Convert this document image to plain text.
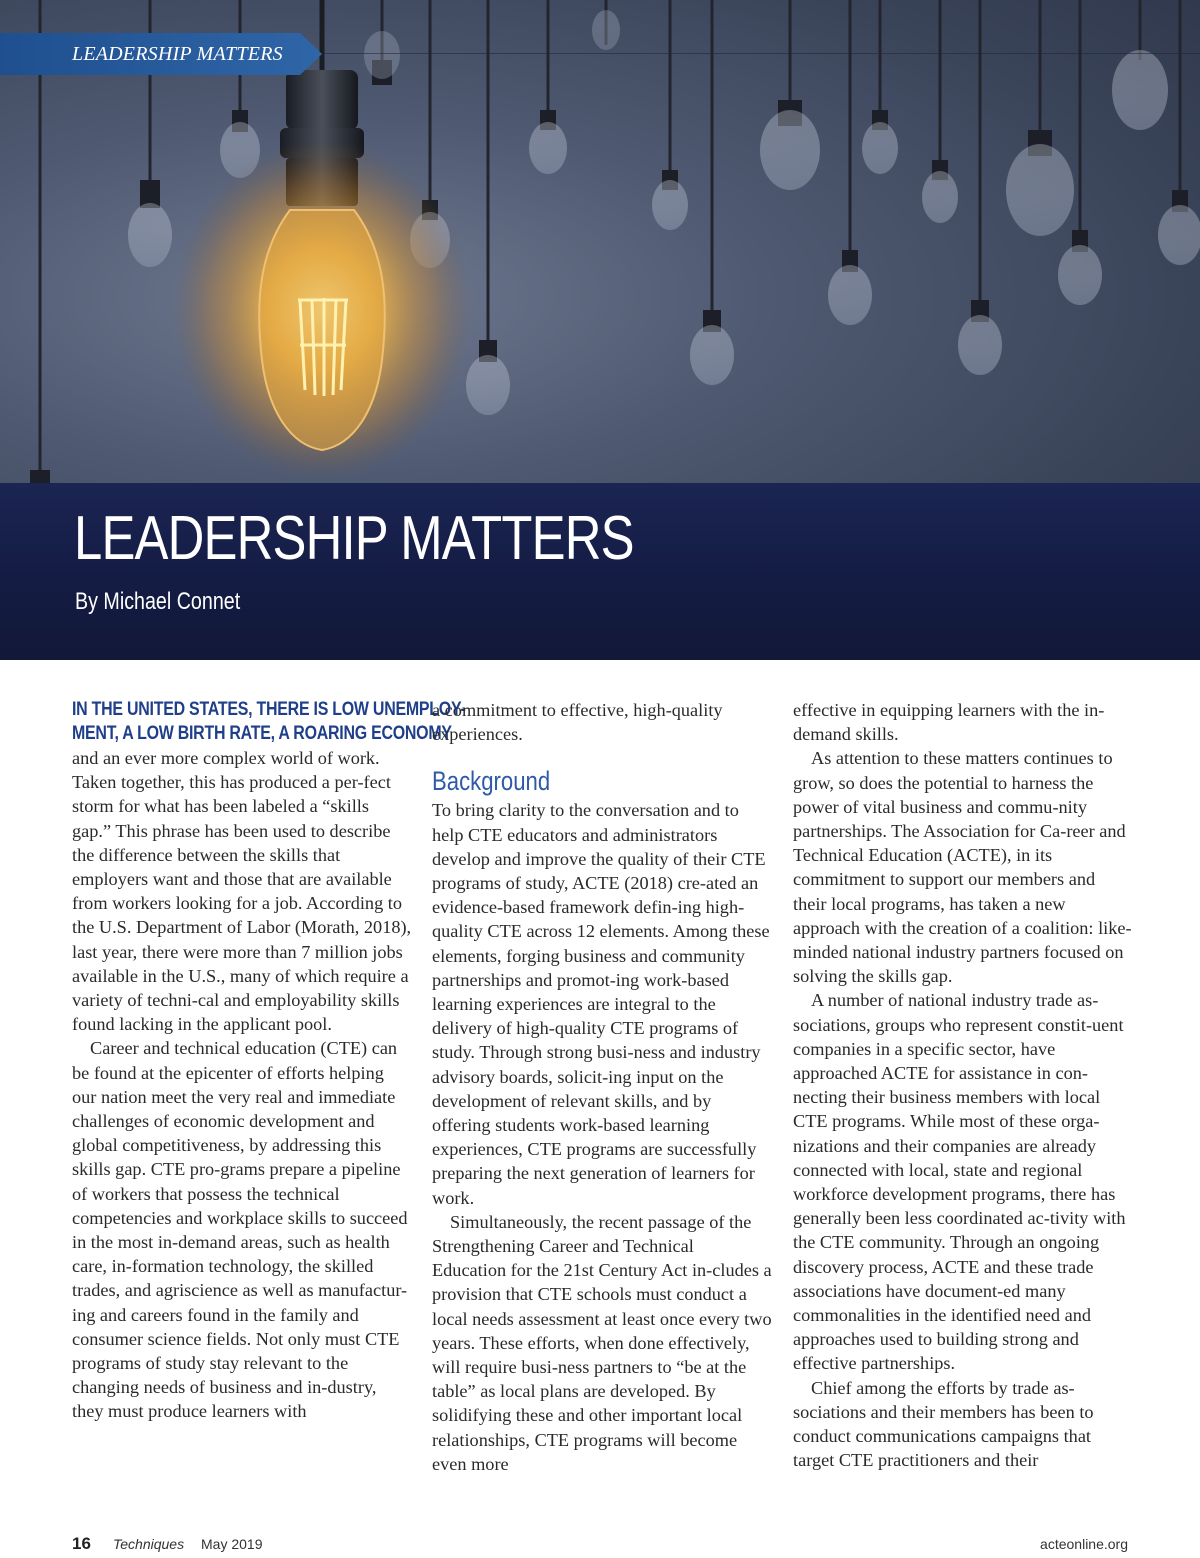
LEADERSHIP MATTERS
LEADERSHIP MATTERS
By Michael Connet
IN THE UNITED STATES, THERE IS LOW UNEMPLOY-
MENT, A LOW BIRTH RATE, A ROARING ECONOMY

and an ever more complex world of work. Taken together, this has produced a per-fect storm for what has been labeled a “skills gap.” This phrase has been used to describe the difference between the skills that employers want and those that are available from workers looking for a job. According to the U.S. Department of Labor (Morath, 2018), last year, there were more than 7 million jobs available in the U.S., many of which require a variety of techni-cal and employability skills found lacking in the applicant pool.

Career and technical education (CTE) can be found at the epicenter of efforts helping our nation meet the very real and immediate challenges of economic development and global competitiveness, by addressing this skills gap. CTE pro-grams prepare a pipeline of workers that possess the technical competencies and workplace skills to succeed in the most in-demand areas, such as health care, in-formation technology, the skilled trades, and agriscience as well as manufactur-ing and careers found in the family and consumer science fields. Not only must CTE programs of study stay relevant to the changing needs of business and in-dustry, they must produce learners with

a commitment to effective, high-quality experiences.

Background

To bring clarity to the conversation and to help CTE educators and administrators develop and improve the quality of their CTE programs of study, ACTE (2018) cre-ated an evidence-based framework defin-ing high-quality CTE across 12 elements. Among these elements, forging business and community partnerships and promot-ing work-based learning experiences are integral to the delivery of high-quality CTE programs of study. Through strong busi-ness and industry advisory boards, solicit-ing input on the development of relevant skills, and by offering students work-based learning experiences, CTE programs are successfully preparing the next generation of learners for work.

Simultaneously, the recent passage of the Strengthening Career and Technical Education for the 21st Century Act in-cludes a provision that CTE schools must conduct a local needs assessment at least once every two years. These efforts, when done effectively, will require busi-ness partners to “be at the table” as local plans are developed. By solidifying these and other important local relationships, CTE programs will become even more

effective in equipping learners with the in-demand skills.

As attention to these matters continues to grow, so does the potential to harness the power of vital business and commu-nity partnerships. The Association for Ca-reer and Technical Education (ACTE), in its commitment to support our members and their local programs, has taken a new approach with the creation of a coalition: like-minded national industry partners focused on solving the skills gap.

A number of national industry trade as-sociations, groups who represent constit-uent companies in a specific sector, have approached ACTE for assistance in con-necting their business members with local CTE programs. While most of these orga-nizations and their companies are already connected with local, state and regional workforce development programs, there has generally been less coordinated ac-tivity with the CTE community. Through an ongoing discovery process, ACTE and these trade associations have document-ed many commonalities in the identified need and approaches used to building strong and effective partnerships.

Chief among the efforts by trade as-sociations and their members has been to conduct communications campaigns that target CTE practitioners and their

16 Techniques May 2019	acteonline.org
